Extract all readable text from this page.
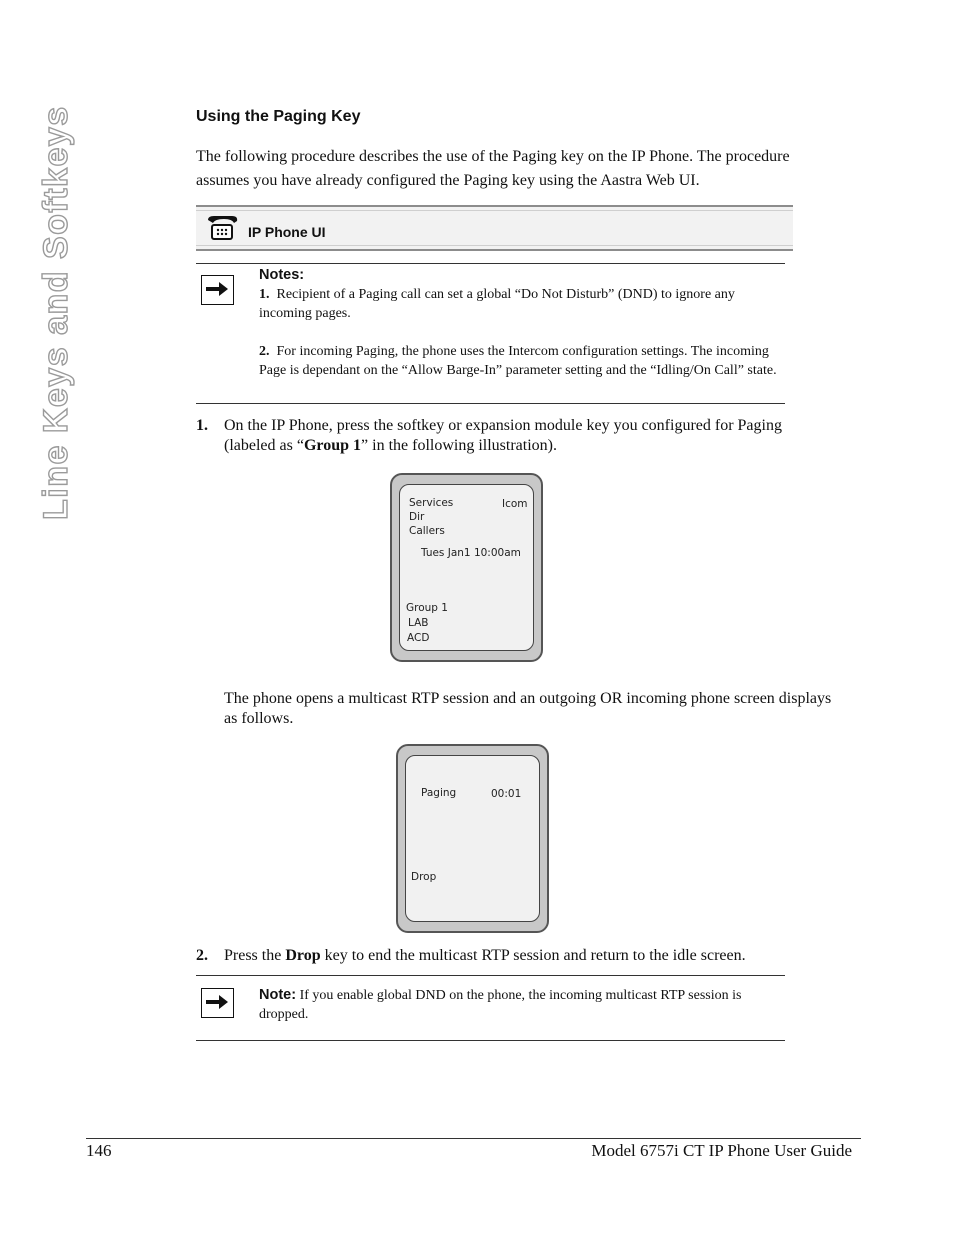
Line Keys and Softkeys	Using the Paging Key
The following procedure describes the use of the Paging key on the IP Phone. The procedure assumes you have already configured the Paging key using the Aastra Web UI.
IP Phone UI
Notes:
1. Recipient of a Paging call can set a global “Do Not Disturb” (DND) to ignore any incoming pages.
2. For incoming Paging, the phone uses the Intercom configuration settings. The incoming Page is dependant on the “Allow Barge-In” parameter setting and the “Idling/On Call” state.
1. On the IP Phone, press the softkey or expansion module key you configured for Paging (labeled as “Group 1” in the following illustration).
Services
Dir
Callers
Icom
Tues Jan1 10:00am
Group 1
LAB
ACD
The phone opens a multicast RTP session and an outgoing OR incoming phone screen displays as follows.
Paging	00:01
Drop
2. Press the Drop key to end the multicast RTP session and return to the idle screen.
Note: If you enable global DND on the phone, the incoming multicast RTP session is dropped.
146	Model 6757i CT IP Phone User Guide
